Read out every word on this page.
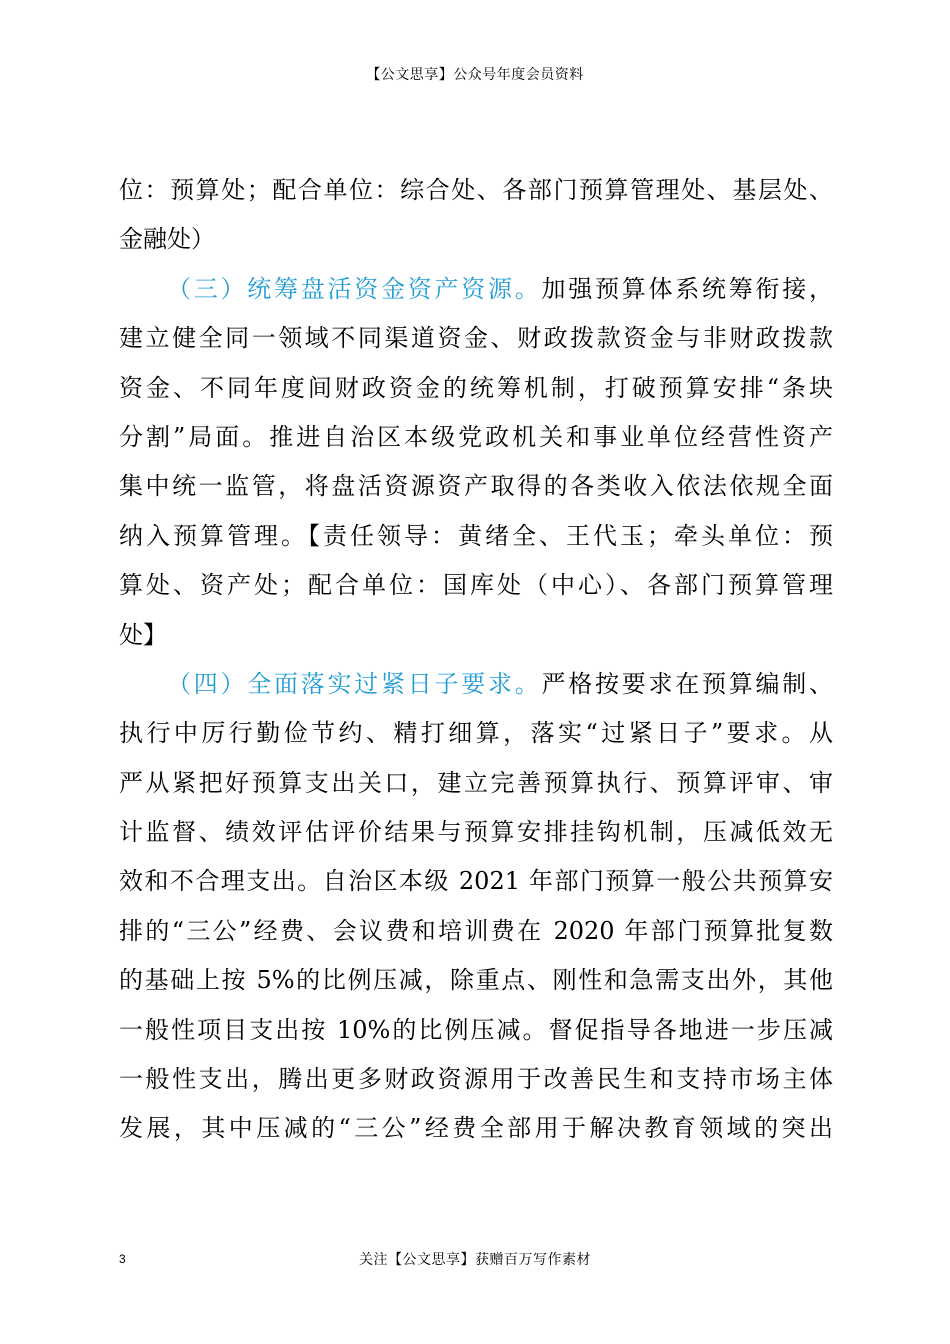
【公文思享】公众号年度会员资料
位：预算处；配合单位：综合处、各部门预算管理处、基层处、
金融处）
（三）统筹盘活资金资产资源。加强预算体系统筹衔接，
建立健全同一领域不同渠道资金、财政拨款资金与非财政拨款
资金、不同年度间财政资金的统筹机制，打破预算安排“条块
分割”局面。推进自治区本级党政机关和事业单位经营性资产
集中统一监管，将盘活资源资产取得的各类收入依法依规全面
纳入预算管理。【责任领导：黄绪全、王代玉；牵头单位：预
算处、资产处；配合单位：国库处（中心）、各部门预算管理
处】
（四）全面落实过紧日子要求。严格按要求在预算编制、
执行中厉行勤俭节约、精打细算，落实“过紧日子”要求。从
严从紧把好预算支出关口，建立完善预算执行、预算评审、审
计监督、绩效评估评价结果与预算安排挂钩机制，压减低效无
效和不合理支出。自治区本级 2021 年部门预算一般公共预算安
排的“三公”经费、会议费和培训费在 2020 年部门预算批复数
的基础上按 5%的比例压减，除重点、刚性和急需支出外，其他
一般性项目支出按 10%的比例压减。督促指导各地进一步压减
一般性支出，腾出更多财政资源用于改善民生和支持市场主体
发展，其中压减的“三公”经费全部用于解决教育领域的突出
3	关注【公文思享】获赠百万写作素材
